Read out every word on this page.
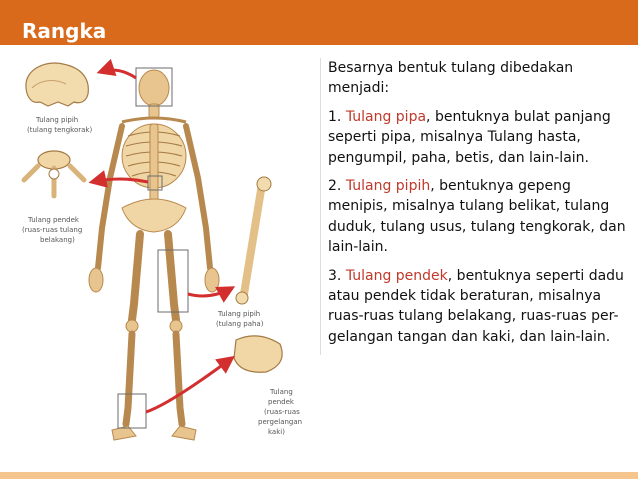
Rangka
Tulang pipih
(tulang tengkorak)
Tulang pendek
(ruas-ruas tulang
belakang)
Tulang pipih
(tulang paha)
Tulang
pendek
(ruas-ruas
pergelangan
kaki)

Besarnya bentuk tulang dibedakan menjadi:

1. Tulang pipa, bentuknya bulat panjang seperti pipa, misalnya Tulang hasta, pengumpil, paha, betis, dan lain-lain.

2. Tulang pipih, bentuknya gepeng menipis, misalnya tulang belikat, tulang duduk, tulang usus, tulang tengkorak, dan lain-lain.

3. Tulang pendek, bentuknya seperti dadu atau pendek tidak beraturan, misalnya ruas-ruas tulang belakang, ruas-ruas per-gelangan tangan dan kaki, dan lain-lain.
